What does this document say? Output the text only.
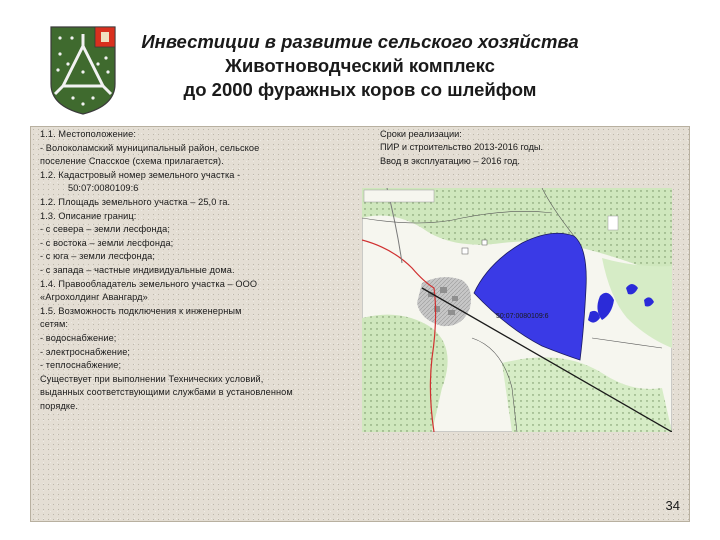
Инвестиции в развитие сельского хозяйства
Животноводческий комплекс
до 2000 фуражных коров со шлейфом
1.1. Местоположение:
- Волоколамский муниципальный район, сельское
поселение Спасское (схема прилагается).
1.2. Кадастровый номер земельного участка -
50:07:0080109:6
1.2. Площадь земельного участка – 25,0 га.
1.3. Описание границ:
- с севера – земли лесфонда;
- с востока – земли лесфонда;
- с юга – земли лесфонда;
- с запада – частные индивидуальные дома.
1.4. Правообладатель земельного участка – ООО
«Агрохолдинг Авангард»
1.5. Возможность подключения к инженерным
сетям:
- водоснабжение;
- электроснабжение;
- теплоснабжение;
Существует при выполнении Технических условий,
выданных соответствующими службами в установленном
порядке.
Сроки реализации:
ПИР и строительство 2013-2016 годы.
Ввод в эксплуатацию – 2016 год.
50:07:0080109:6
34
